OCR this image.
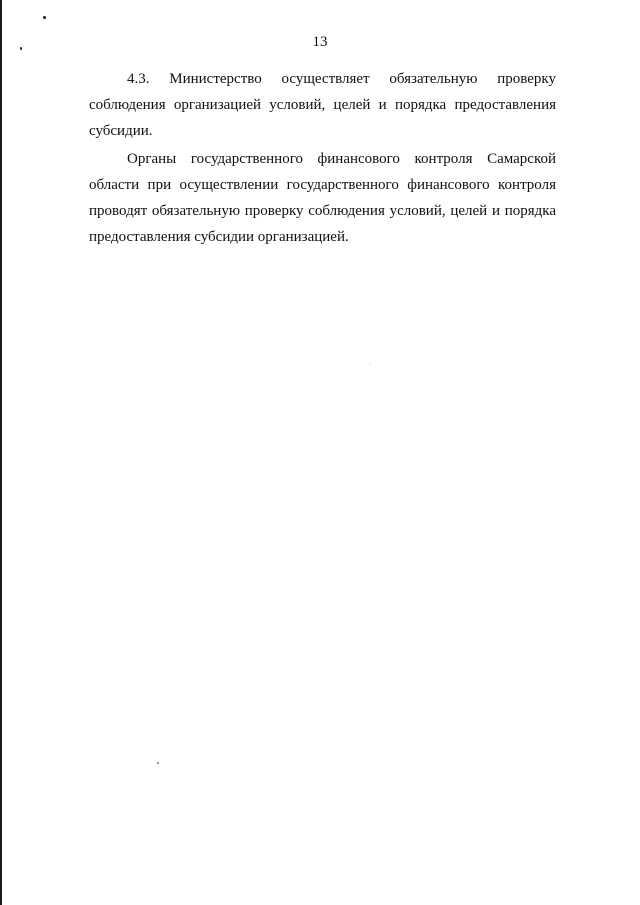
13
4.3. Министерство осуществляет обязательную проверку
соблюдения организацией условий, целей и порядка предоставления
субсидии.
Органы государственного финансового контроля Самарской
области при осуществлении государственного финансового контроля
проводят обязательную проверку соблюдения условий, целей и порядка
предоставления субсидии организацией.
